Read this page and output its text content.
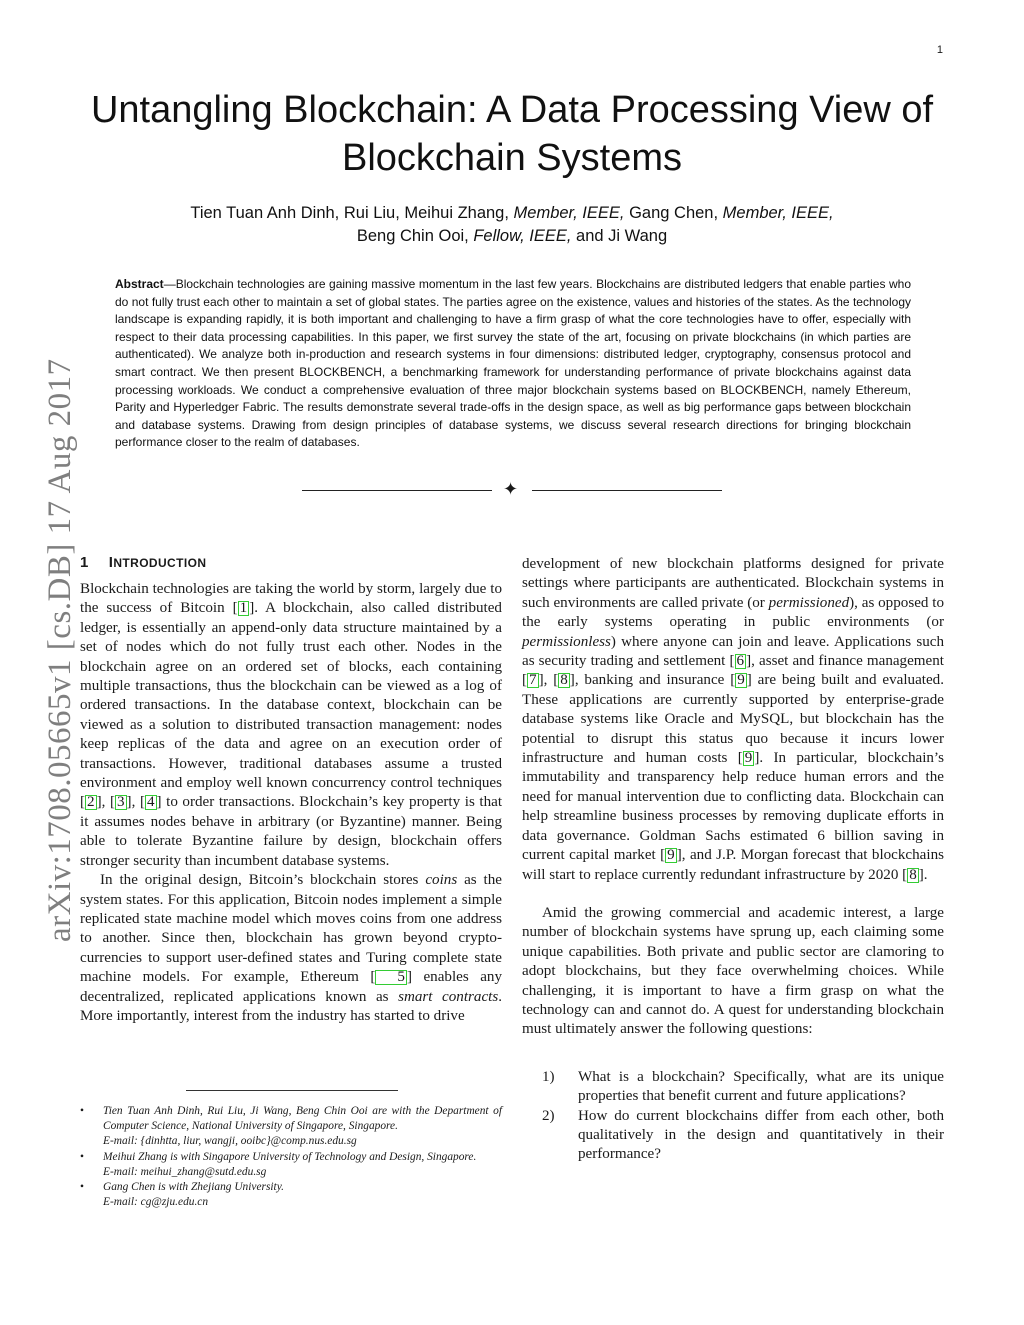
1
Untangling Blockchain: A Data Processing View of Blockchain Systems
Tien Tuan Anh Dinh, Rui Liu, Meihui Zhang, Member, IEEE, Gang Chen, Member, IEEE,
Beng Chin Ooi, Fellow, IEEE, and Ji Wang
Abstract—Blockchain technologies are gaining massive momentum in the last few years. Blockchains are distributed ledgers that enable parties who do not fully trust each other to maintain a set of global states. The parties agree on the existence, values and histories of the states. As the technology landscape is expanding rapidly, it is both important and challenging to have a firm grasp of what the core technologies have to offer, especially with respect to their data processing capabilities. In this paper, we first survey the state of the art, focusing on private blockchains (in which parties are authenticated). We analyze both in-production and research systems in four dimensions: distributed ledger, cryptography, consensus protocol and smart contract. We then present BLOCKBENCH, a benchmarking framework for understanding performance of private blockchains against data processing workloads. We conduct a comprehensive evaluation of three major blockchain systems based on BLOCKBENCH, namely Ethereum, Parity and Hyperledger Fabric. The results demonstrate several trade-offs in the design space, as well as big performance gaps between blockchain and database systems. Drawing from design principles of database systems, we discuss several research directions for bringing blockchain performance closer to the realm of databases.
✦
arXiv:1708.05665v1 [cs.DB] 17 Aug 2017 1 INTRODUCTION

Blockchain technologies are taking the world by storm, largely due to the success of Bitcoin [ 1 ]. A blockchain, also called distributed ledger, is essentially an append-only data structure maintained by a set of nodes which do not fully trust each other. Nodes in the blockchain agree on an ordered set of blocks, each containing multiple transactions, thus the blockchain can be viewed as a log of ordered transactions. In the database context, blockchain can be viewed as a solution to distributed transaction management: nodes keep replicas of the data and agree on an execution order of transactions. However, traditional databases assume a trusted environment and employ well known concurrency control techniques [ 2 ], [ 3 ], [ 4 ] to order transactions. Blockchain’s key property is that it assumes nodes behave in arbitrary (or Byzantine) manner. Being able to tolerate Byzantine failure by design, blockchain offers stronger security than incumbent database systems.

In the original design, Bitcoin’s blockchain stores coins as the system states. For this application, Bitcoin nodes implement a simple replicated state machine model which moves coins from one address to another. Since then, blockchain has grown beyond crypto-currencies to support user-defined states and Turing complete state machine models. For example, Ethereum [ 5 ] enables any decentralized, replicated applications known as smart contracts. More importantly, interest from the industry has started to drive

• Tien Tuan Anh Dinh, Rui Liu, Ji Wang, Beng Chin Ooi are with the Department of Computer Science, National University of Singapore, Singapore.
E-mail: {dinhtta, liur, wangji, ooibc}@comp.nus.edu.sg
• Meihui Zhang is with Singapore University of Technology and Design, Singapore.
E-mail: meihui_zhang@sutd.edu.sg
• Gang Chen is with Zhejiang University.
E-mail: cg@zju.edu.cn

development of new blockchain platforms designed for private settings where participants are authenticated. Blockchain systems in such environments are called private (or permissioned), as opposed to the early systems operating in public environments (or permissionless) where anyone can join and leave. Applications such as security trading and settlement [ 6 ], asset and finance management [ 7 ], [ 8 ], banking and insurance [ 9 ] are being built and evaluated. These applications are currently supported by enterprise-grade database systems like Oracle and MySQL, but blockchain has the potential to disrupt this status quo because it incurs lower infrastructure and human costs [ 9 ]. In particular, blockchain’s immutability and transparency help reduce human errors and the need for manual intervention due to conflicting data. Blockchain can help streamline business processes by removing duplicate efforts in data governance. Goldman Sachs estimated 6 billion saving in current capital market [ 9 ], and J.P. Morgan forecast that blockchains will start to replace currently redundant infrastructure by 2020 [ 8 ].

Amid the growing commercial and academic interest, a large number of blockchain systems have sprung up, each claiming some unique capabilities. Both private and public sector are clamoring to adopt blockchains, but they face overwhelming choices. While challenging, it is important to have a firm grasp on what the technology can and cannot do. A quest for understanding blockchain must ultimately answer the following questions:

1) What is a blockchain? Specifically, what are its unique properties that benefit current and future applications?
2) How do current blockchains differ from each other, both qualitatively in the design and quantitatively in their performance?
